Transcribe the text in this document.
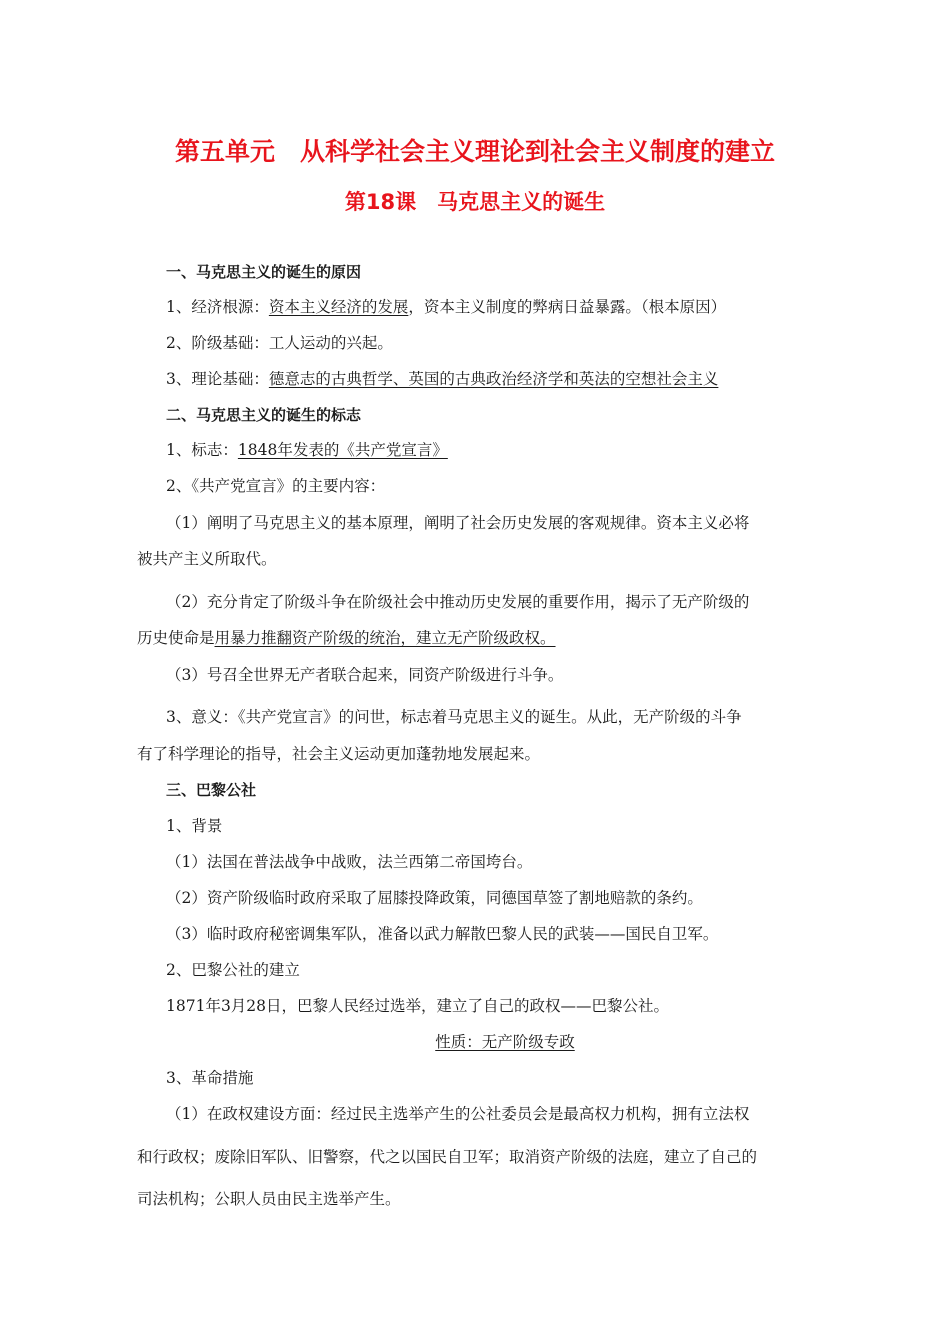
第五单元　从科学社会主义理论到社会主义制度的建立
第18课　马克思主义的诞生
一、马克思主义的诞生的原因
1、经济根源：资本主义经济的发展，资本主义制度的弊病日益暴露。（根本原因）
2、阶级基础：工人运动的兴起。
3、理论基础：德意志的古典哲学、英国的古典政治经济学和英法的空想社会主义
二、马克思主义的诞生的标志
1、标志：1848年发表的《共产党宣言》
2、《共产党宣言》的主要内容：
（1）阐明了马克思主义的基本原理，阐明了社会历史发展的客观规律。资本主义必将
被共产主义所取代。
（2）充分肯定了阶级斗争在阶级社会中推动历史发展的重要作用，揭示了无产阶级的
历史使命是用暴力推翻资产阶级的统治，建立无产阶级政权。
（3）号召全世界无产者联合起来，同资产阶级进行斗争。
3、意义：《共产党宣言》的问世，标志着马克思主义的诞生。从此，无产阶级的斗争
有了科学理论的指导，社会主义运动更加蓬勃地发展起来。
三、巴黎公社
1、背景
（1）法国在普法战争中战败，法兰西第二帝国垮台。
（2）资产阶级临时政府采取了屈膝投降政策，同德国草签了割地赔款的条约。
（3）临时政府秘密调集军队，准备以武力解散巴黎人民的武装——国民自卫军。
2、巴黎公社的建立
1871年3月28日，巴黎人民经过选举，建立了自己的政权——巴黎公社。
性质：无产阶级专政
3、革命措施
（1）在政权建设方面：经过民主选举产生的公社委员会是最高权力机构，拥有立法权
和行政权；废除旧军队、旧警察，代之以国民自卫军；取消资产阶级的法庭，建立了自己的
司法机构；公职人员由民主选举产生。
